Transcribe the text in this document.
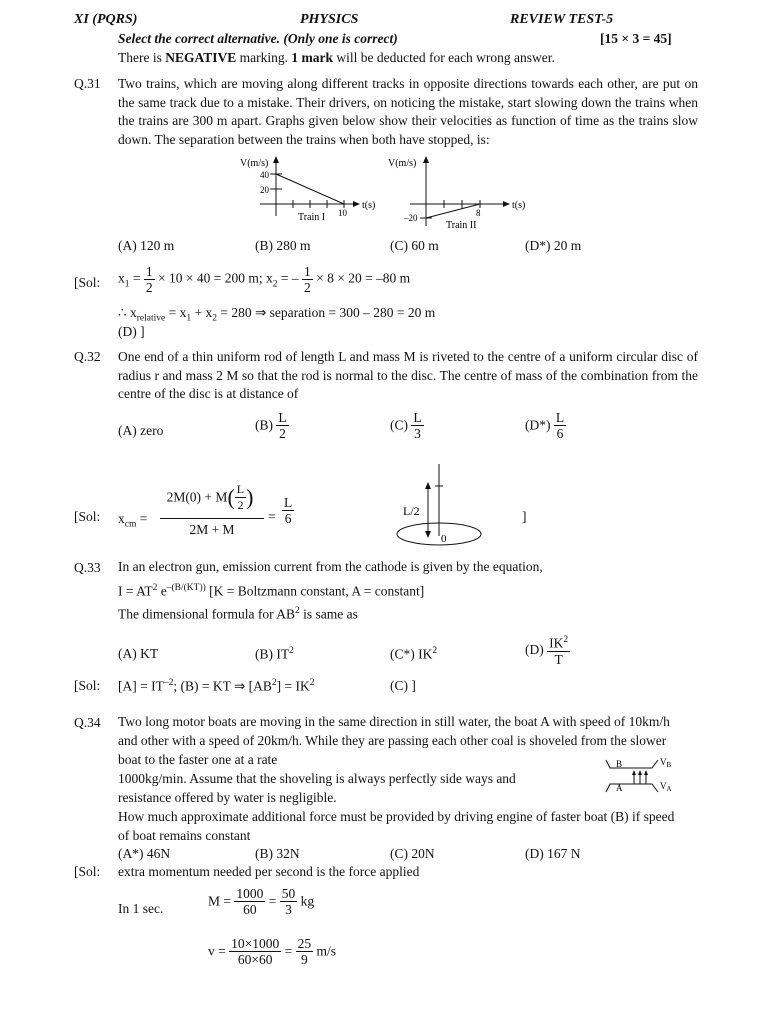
XI (PQRS)	PHYSICS	REVIEW TEST-5
Select the correct alternative. (Only one is correct)	[15 × 3 = 45]
There is NEGATIVE marking. 1 mark will be deducted for each wrong answer.
Q.31 Two trains, which are moving along different tracks in opposite directions towards each other, are put on the same track due to a mistake. Their drivers, on noticing the mistake, start slowing down the trains when the trains are 300 m apart. Graphs given below show their velocities as function of time as the trains slow down. The separation between the trains when both have stopped, is:
V(m/s)
40
20
t(s)
10
Train I
V(m/s)
–20
t(s)
8
Train II
(A) 120 m	(B) 280 m	(C) 60 m	(D*) 20 m
[Sol: $x_1 = \frac{1}{2} \times 10 \times 40 = 200$ m; $x_2$ = – $\frac{1}{2} \times 8 \times 20 = -80$ m
∴ $x_{relative} = x_1 + x_2 = 280$ ⇒ separation = 300 – 280 = 20 m
(D) ]
Q.32 One end of a thin uniform rod of length L and mass M is riveted to the centre of a uniform circular disc of radius r and mass 2 M so that the rod is normal to the disc. The centre of mass of the combination from the centre of the disc is at distance of
(A) zero	$(B) \frac{L}{2}$	$(C) \frac{L}{3}$	$(D*) \frac{L}{6}$
[Sol: $x_{cm}$ =
$2M(0) + M( \frac{L}{2}$ )
2M + M
= $\frac{L}{6}$	L/2
0
]
Q.33 In an electron gun, emission current from the cathode is given by the equation,
$I = AT^2$ $e^{-(B/(KT))}$ [K = Boltzmann constant, A = constant]
The dimensional formula for $AB^2$ is same as
(A) KT	(B) $IT^2$	(C*) $IK^2$	$(D) \frac{IK^2}{T}$
[Sol: $[A] = IT^{-2}$; (B) = KT ⇒ $[AB^2] = IK^2$	(C) ]
Q.34 Two long motor boats are moving in the same direction in still water, the boat A with speed of 10km/h
and other with a speed of 20km/h. While they are passing each other coal is shoveled from the slower
boat to the faster one at a rate
1000kg/min. Assume that the shoveling is always perfectly side ways and
resistance offered by water is negligible.
How much approximate additional force must be provided by driving engine of faster boat (B) if speed
of boat remains constant
B
A
$V_B$
$V_A$
(A*) 46N	(B) 32N	(C) 20N	(D) 167 N
[Sol: extra momentum needed per second is the force applied
In 1 sec.	$M = \frac{1000}{60} = \frac{50}{3}$ kg
$v = \frac{10\times 1000}{60\times 60} = \frac{25}{9} m/s$
